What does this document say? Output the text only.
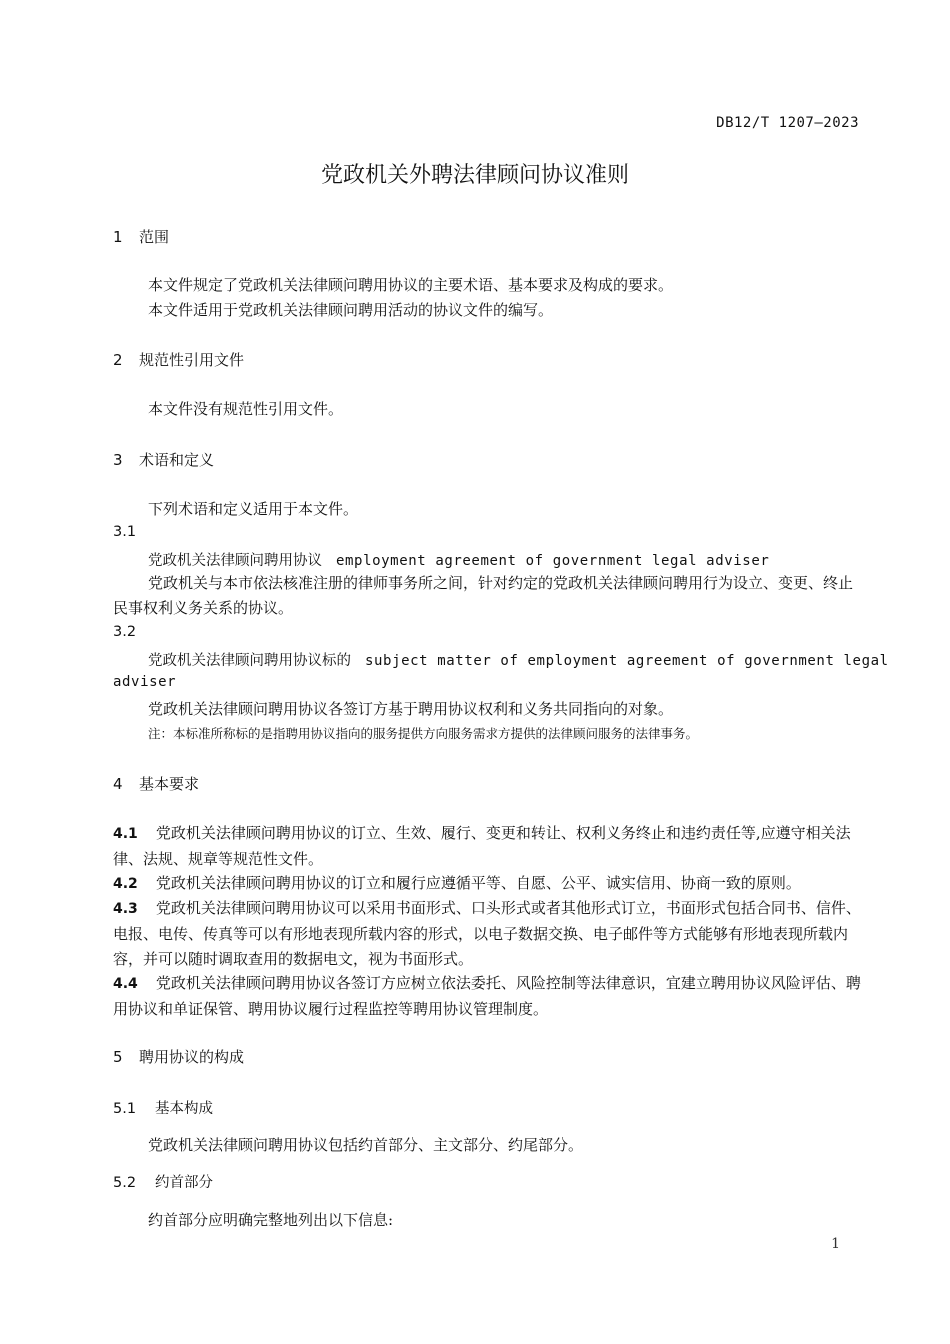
DB12/T 1207—2023
党政机关外聘法律顾问协议准则
1 范围
本文件规定了党政机关法律顾问聘用协议的主要术语、基本要求及构成的要求。
本文件适用于党政机关法律顾问聘用活动的协议文件的编写。
2 规范性引用文件
本文件没有规范性引用文件。
3 术语和定义
下列术语和定义适用于本文件。
3.1
党政机关法律顾问聘用协议 employment agreement of government legal adviser
党政机关与本市依法核准注册的律师事务所之间，针对约定的党政机关法律顾问聘用行为设立、变更、终止民事权利义务关系的协议。
3.2
党政机关法律顾问聘用协议标的 subject matter of employment agreement of government legal
adviser
党政机关法律顾问聘用协议各签订方基于聘用协议权利和义务共同指向的对象。
注：本标准所称标的是指聘用协议指向的服务提供方向服务需求方提供的法律顾问服务的法律事务。
4 基本要求
4.1 党政机关法律顾问聘用协议的订立、生效、履行、变更和转让、权利义务终止和违约责任等,应遵守相关法律、法规、规章等规范性文件。
4.2 党政机关法律顾问聘用协议的订立和履行应遵循平等、自愿、公平、诚实信用、协商一致的原则。
4.3 党政机关法律顾问聘用协议可以采用书面形式、口头形式或者其他形式订立，书面形式包括合同书、信件、电报、电传、传真等可以有形地表现所载内容的形式，以电子数据交换、电子邮件等方式能够有形地表现所载内容，并可以随时调取查用的数据电文，视为书面形式。
4.4 党政机关法律顾问聘用协议各签订方应树立依法委托、风险控制等法律意识，宜建立聘用协议风险评估、聘用协议和单证保管、聘用协议履行过程监控等聘用协议管理制度。
5 聘用协议的构成
5.1 基本构成
党政机关法律顾问聘用协议包括约首部分、主文部分、约尾部分。
5.2 约首部分
约首部分应明确完整地列出以下信息:
1
